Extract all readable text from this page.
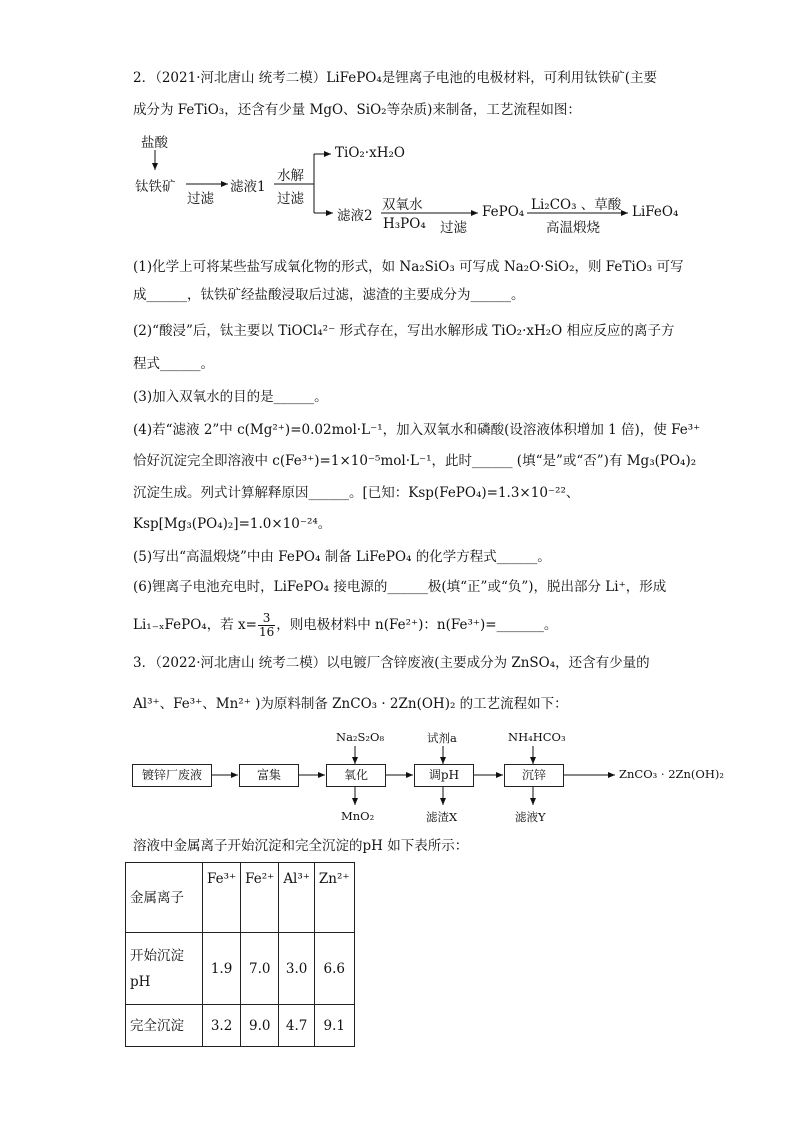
2．（2021·河北唐山 统考二模）LiFePO₄是锂离子电池的电极材料，可利用钛铁矿(主要
成分为 FeTiO₃，还含有少量 MgO、SiO₂等杂质)来制备，工艺流程如图：
盐酸
钛铁矿
过滤
滤液1
水解
过滤
TiO₂·xH₂O
滤液2
双氧水
H₃PO₄ 过滤
FePO₄ Li₂CO₃ 、草酸
高温煅烧
LiFeO₄
(1)化学上可将某些盐写成氧化物的形式，如 Na₂SiO₃ 可写成 Na₂O·SiO₂，则 FeTiO₃ 可写
成______，钛铁矿经盐酸浸取后过滤，滤渣的主要成分为______。
(2)“酸浸”后，钛主要以 TiOCl₄²⁻ 形式存在，写出水解形成 TiO₂·xH₂O 相应反应的离子方
程式______。
(3)加入双氧水的目的是______。
(4)若“滤液 2”中 c(Mg²⁺)=0.02mol·L⁻¹，加入双氧水和磷酸(设溶液体积增加 1 倍)，使 Fe³⁺
恰好沉淀完全即溶液中 c(Fe³⁺)=1×10⁻⁵mol·L⁻¹，此时______ (填“是”或“否”)有 Mg₃(PO₄)₂
沉淀生成。列式计算解释原因______。[已知：Ksp(FePO₄)=1.3×10⁻²²、
Ksp[Mg₃(PO₄)₂]=1.0×10⁻²⁴。
(5)写出“高温煅烧”中由 FePO₄ 制备 LiFePO₄ 的化学方程式______。
(6)锂离子电池充电时，LiFePO₄ 接电源的______极(填“正”或“负”)，脱出部分 Li⁺，形成
Li₁₋ₓFePO₄，若 $x= \frac{3}{16}$ ，则电极材料中 n(Fe²⁺)：n(Fe³⁺)=_______。
3．（2022·河北唐山 统考二模）以电镀厂含锌废液(主要成分为 ZnSO₄，还含有少量的
Al³⁺、Fe³⁺、Mn²⁺ )为原料制备 ZnCO₃ · 2Zn(OH)₂ 的工艺流程如下：
镀锌厂废液	富集	氧化	调pH	沉锌	ZnCO₃ · 2Zn(OH)₂
Na₂S₂O₈	试剂a	NH₄HCO₃
MnO₂	滤渣X	滤液Y
溶液中金属离子开始沉淀和完全沉淀的pH 如下表所示：
金属离子	Fe³⁺	Fe²⁺	Al³⁺	Zn²⁺
开始沉淀pH	1.9	7.0	3.0	6.6
完全沉淀	3.2	9.0	4.7	9.1
